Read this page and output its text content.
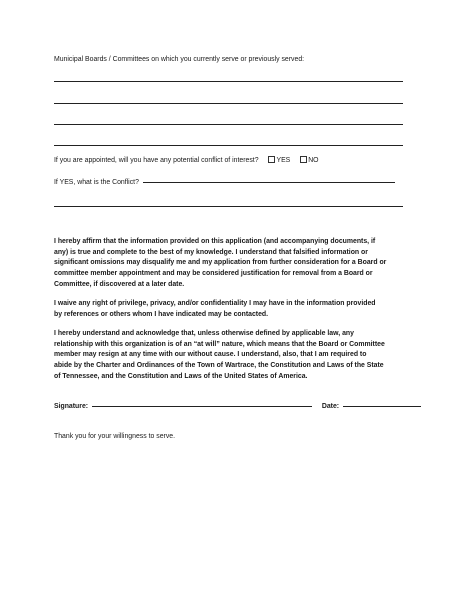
Municipal Boards / Committees on which you currently serve or previously served:
If you are appointed, will you have any potential conflict of interest?	YES	NO
If YES, what is the Conflict?
I hereby affirm that the information provided on this application (and accompanying documents, if
any) is true and complete to the best of my knowledge. I understand that falsified information or
significant omissions may disqualify me and my application from further consideration for a Board or
committee member appointment and may be considered justification for removal from a Board or
Committee, if discovered at a later date.
I waive any right of privilege, privacy, and/or confidentiality I may have in the information provided
by references or others whom I have indicated may be contacted.
I hereby understand and acknowledge that, unless otherwise defined by applicable law, any
relationship with this organization is of an “at will” nature, which means that the Board or Committee
member may resign at any time with our without cause. I understand, also, that I am required to
abide by the Charter and Ordinances of the Town of Wartrace, the Constitution and Laws of the State
of Tennessee, and the Constitution and Laws of the United States of America.
Signature:	Date:
Thank you for your willingness to serve.
